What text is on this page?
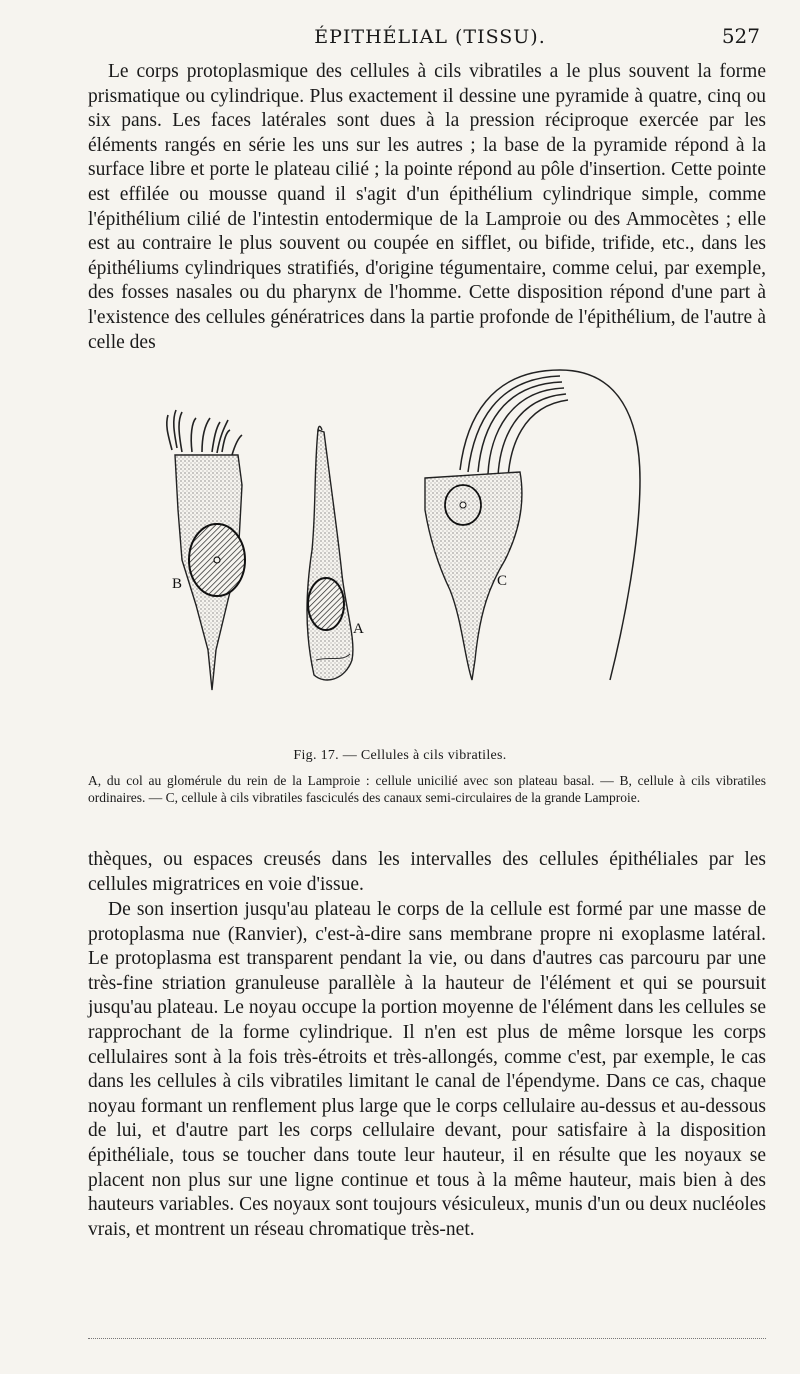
ÉPITHÉLIAL (TISSU).	527

Le corps protoplasmique des cellules à cils vibratiles a le plus souvent la forme prismatique ou cylindrique. Plus exactement il dessine une pyramide à quatre, cinq ou six pans. Les faces latérales sont dues à la pression réciproque exercée par les éléments rangés en série les uns sur les autres ; la base de la pyramide répond à la surface libre et porte le plateau cilié ; la pointe répond au pôle d'insertion. Cette pointe est effilée ou mousse quand il s'agit d'un épithélium cylindrique simple, comme l'épithélium cilié de l'intestin entodermique de la Lamproie ou des Ammocètes ; elle est au contraire le plus souvent ou coupée en sifflet, ou bifide, trifide, etc., dans les épithéliums cylindriques stratifiés, d'origine tégumentaire, comme celui, par exemple, des fosses nasales ou du pharynx de l'homme. Cette disposition répond d'une part à l'existence des cellules génératrices dans la partie profonde de l'épithélium, de l'autre à celle des

B
A
C
Fig. 17. — Cellules à cils vibratiles.

A, du col au glomérule du rein de la Lamproie : cellule unicilié avec son plateau basal. — B, cellule à cils vibratiles ordinaires. — C, cellule à cils vibratiles fasciculés des canaux semi-circulaires de la grande Lamproie.

thèques, ou espaces creusés dans les intervalles des cellules épithéliales par les cellules migratrices en voie d'issue.

De son insertion jusqu'au plateau le corps de la cellule est formé par une masse de protoplasma nue (Ranvier), c'est-à-dire sans membrane propre ni exoplasme latéral. Le protoplasma est transparent pendant la vie, ou dans d'autres cas parcouru par une très-fine striation granuleuse parallèle à la hauteur de l'élément et qui se poursuit jusqu'au plateau. Le noyau occupe la portion moyenne de l'élément dans les cellules se rapprochant de la forme cylindrique. Il n'en est plus de même lorsque les corps cellulaires sont à la fois très-étroits et très-allongés, comme c'est, par exemple, le cas dans les cellules à cils vibratiles limitant le canal de l'épendyme. Dans ce cas, chaque noyau formant un renflement plus large que le corps cellulaire au-dessus et au-dessous de lui, et d'autre part les corps cellulaire devant, pour satisfaire à la disposition épithéliale, tous se toucher dans toute leur hauteur, il en résulte que les noyaux se placent non plus sur une ligne continue et tous à la même hauteur, mais bien à des hauteurs variables. Ces noyaux sont toujours vésiculeux, munis d'un ou deux nucléoles vrais, et montrent un réseau chromatique très-net.
